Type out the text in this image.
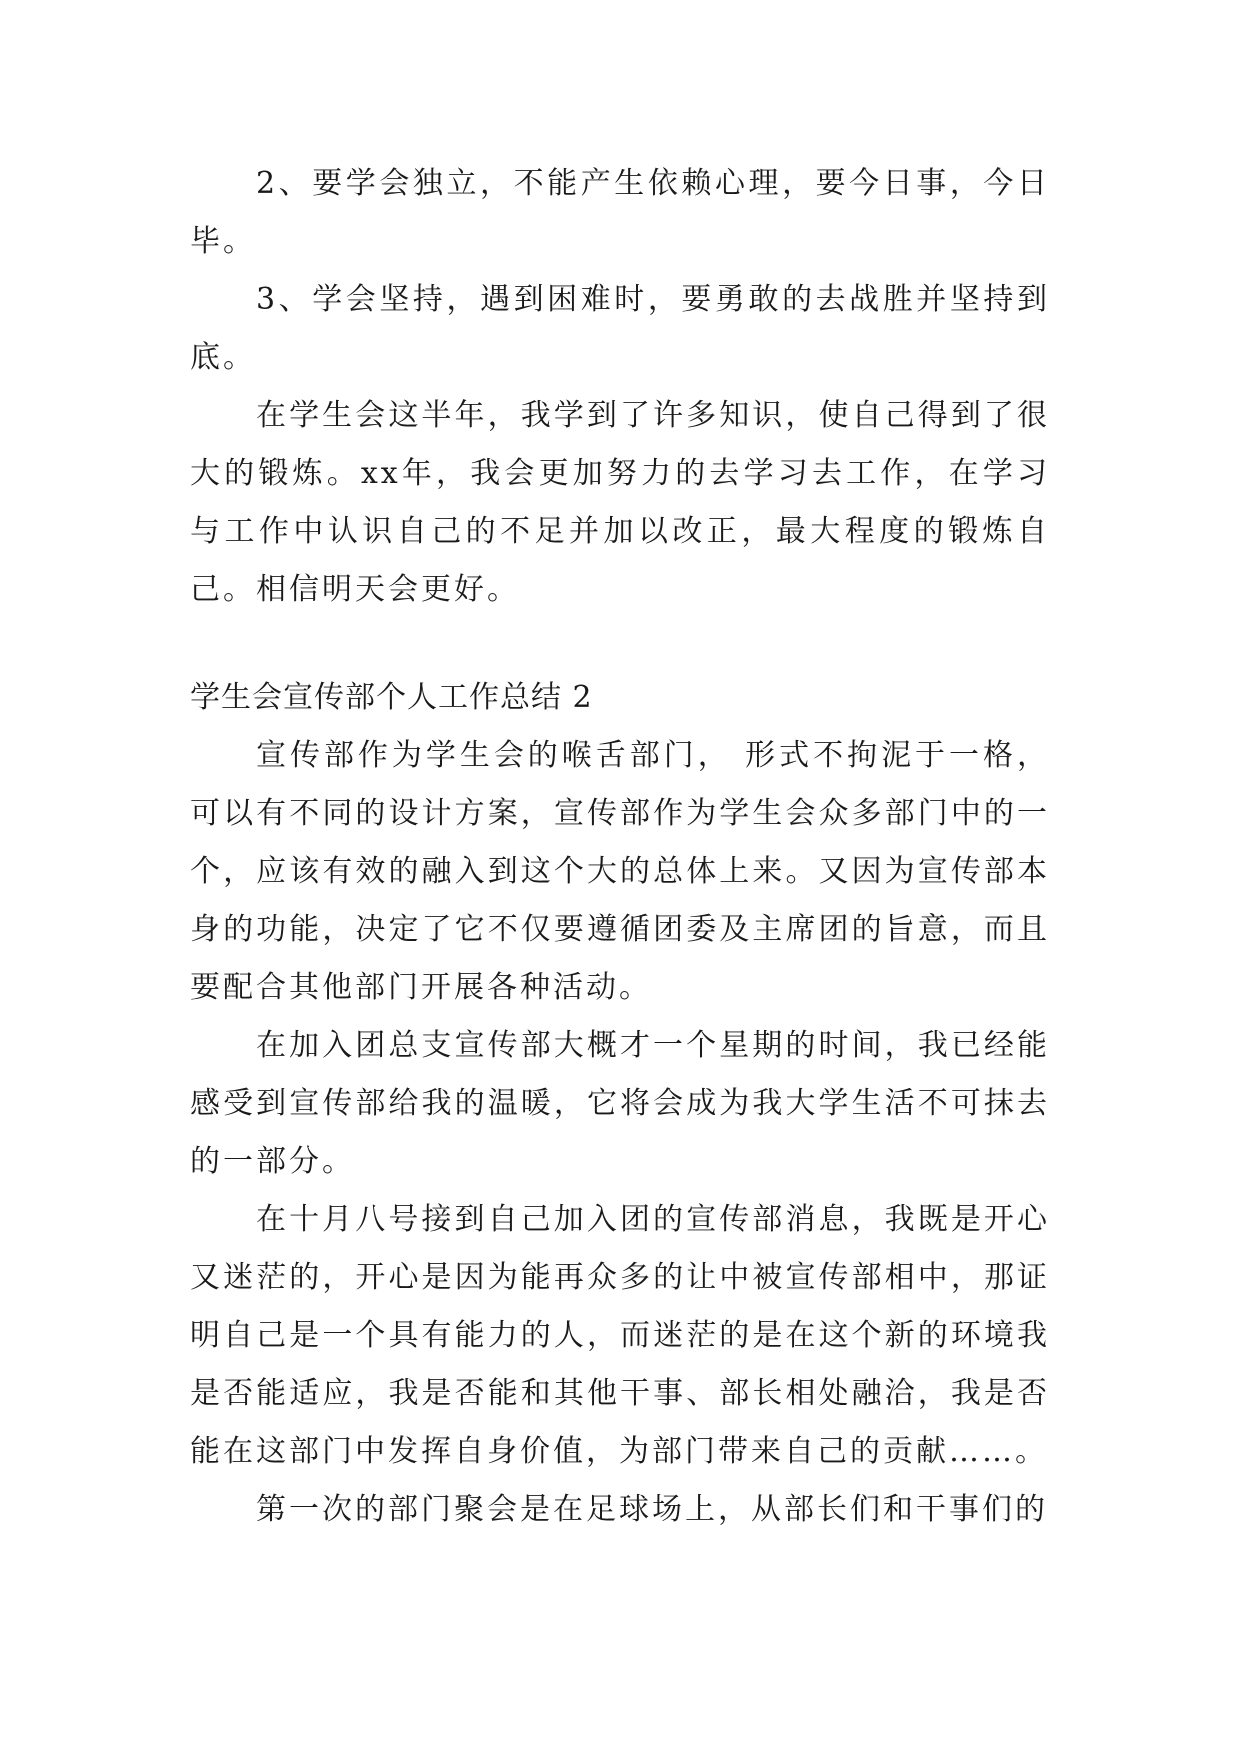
2、要学会独立，不能产生依赖心理，要今日事，今日毕。

3、学会坚持，遇到困难时，要勇敢的去战胜并坚持到底。

在学生会这半年，我学到了许多知识，使自己得到了很大的锻炼。xx年，我会更加努力的去学习去工作，在学习与工作中认识自己的不足并加以改正，最大程度的锻炼自己。相信明天会更好。

学生会宣传部个人工作总结 2

宣传部作为学生会的喉舌部门， 形式不拘泥于一格，可以有不同的设计方案，宣传部作为学生会众多部门中的一个，应该有效的融入到这个大的总体上来。又因为宣传部本身的功能，决定了它不仅要遵循团委及主席团的旨意，而且要配合其他部门开展各种活动。

在加入团总支宣传部大概才一个星期的时间，我已经能感受到宣传部给我的温暖，它将会成为我大学生活不可抹去的一部分。

在十月八号接到自己加入团的宣传部消息，我既是开心又迷茫的，开心是因为能再众多的让中被宣传部相中，那证明自己是一个具有能力的人，而迷茫的是在这个新的环境我是否能适应，我是否能和其他干事、部长相处融洽，我是否能在这部门中发挥自身价值，为部门带来自己的贡献……。

第一次的部门聚会是在足球场上，从部长们和干事们的
